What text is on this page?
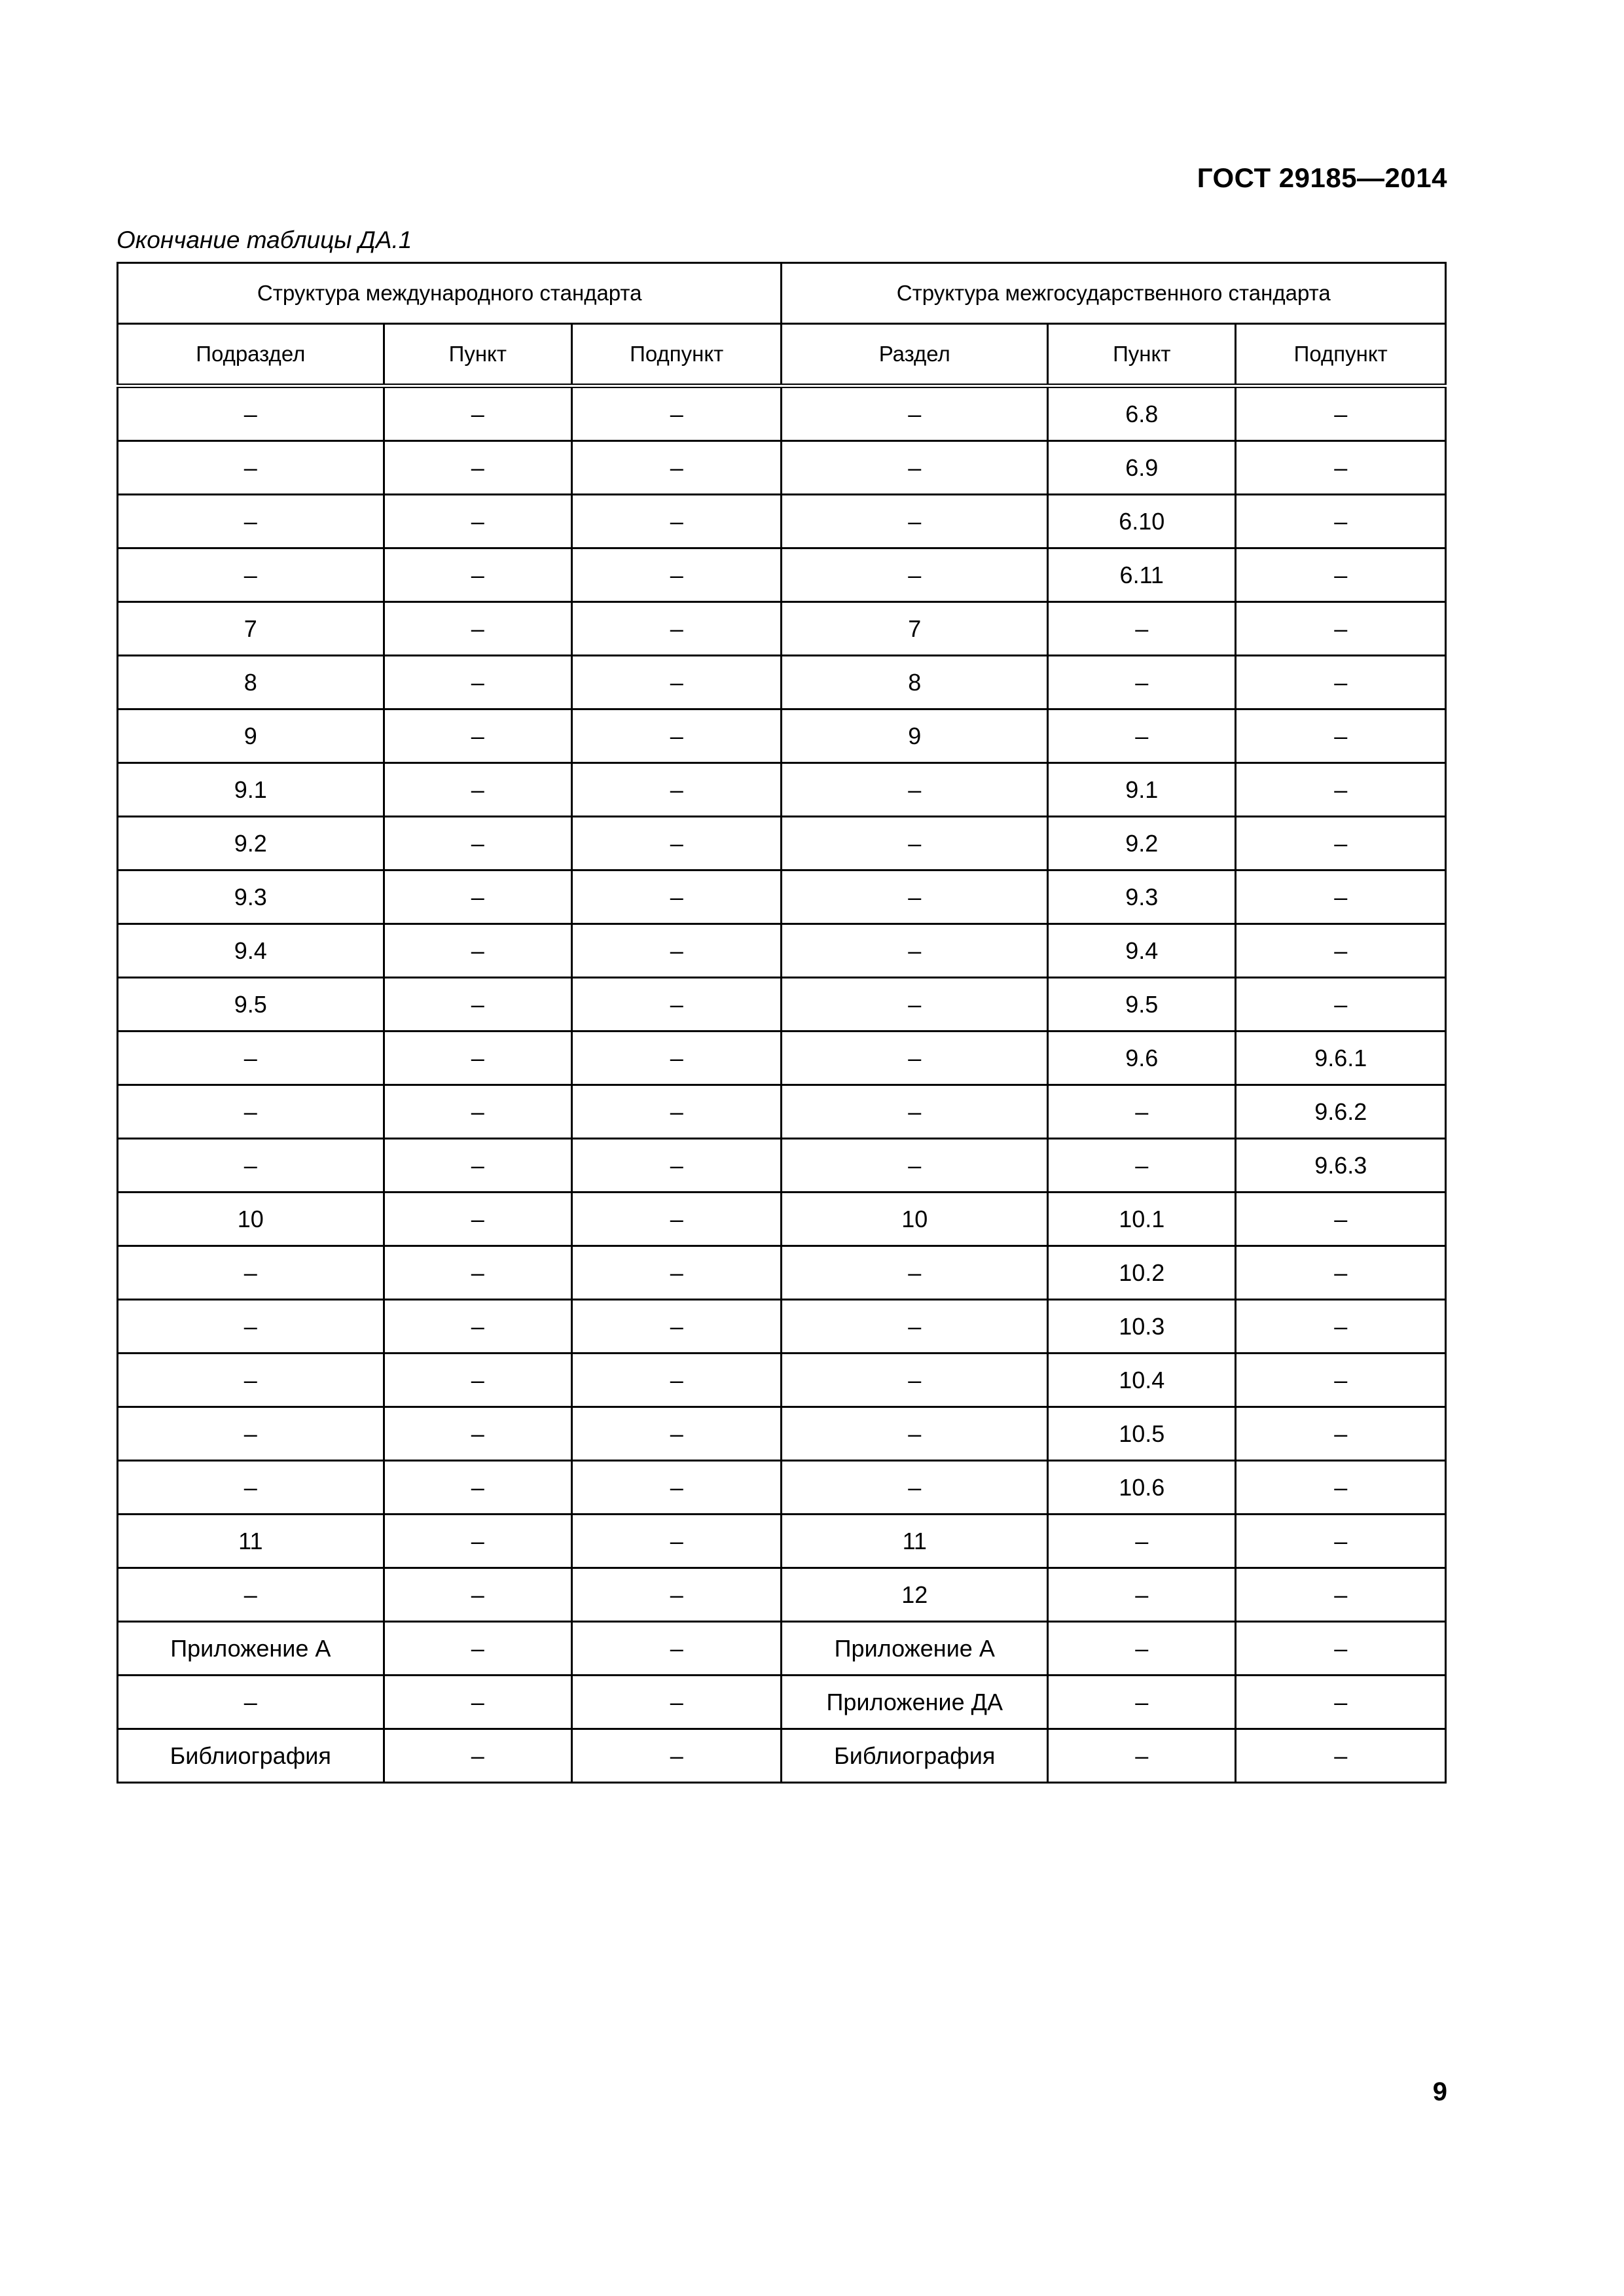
ГОСТ 29185—2014
Окончание таблицы ДА.1
Структура международного стандарта			Структура межгосударственного стандарта		
Подраздел	Пункт	Подпункт	Раздел	Пункт	Подпункт
–	–	–	–	6.8	–
–	–	–	–	6.9	–
–	–	–	–	6.10	–
–	–	–	–	6.11	–
7	–	–	7	–	–
8	–	–	8	–	–
9	–	–	9	–	–
9.1	–	–	–	9.1	–
9.2	–	–	–	9.2	–
9.3	–	–	–	9.3	–
9.4	–	–	–	9.4	–
9.5	–	–	–	9.5	–
–	–	–	–	9.6	9.6.1
–	–	–	–	–	9.6.2
–	–	–	–	–	9.6.3
10	–	–	10	10.1	–
–	–	–	–	10.2	–
–	–	–	–	10.3	–
–	–	–	–	10.4	–
–	–	–	–	10.5	–
–	–	–	–	10.6	–
11	–	–	11	–	–
–	–	–	12	–	–
Приложение А	–	–	Приложение А	–	–
–	–	–	Приложение ДА	–	–
Библиография	–	–	Библиография	–	–
9
